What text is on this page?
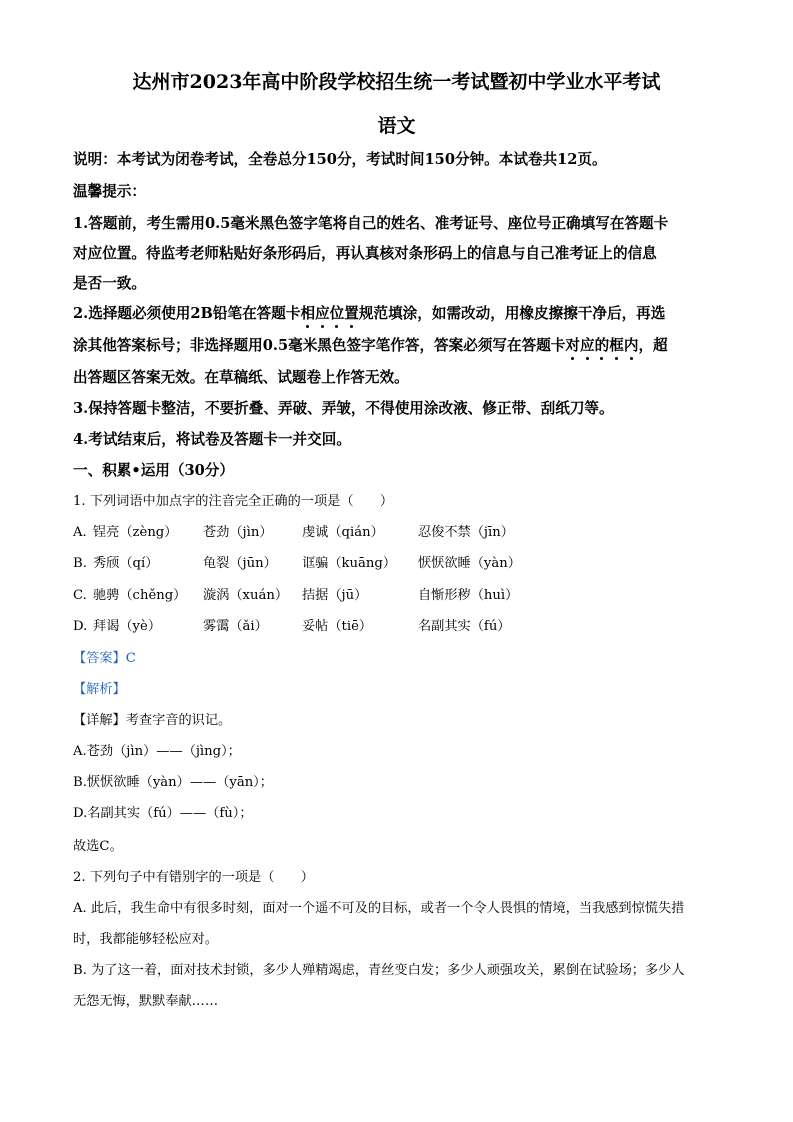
达州市2023年高中阶段学校招生统一考试暨初中学业水平考试
语文
说明：本考试为闭卷考试，全卷总分150分，考试时间150分钟。本试卷共12页。
温馨提示：
1.答题前，考生需用0.5毫米黑色签字笔将自己的姓名、准考证号、座位号正确填写在答题卡
对应位置。待监考老师粘贴好条形码后，再认真核对条形码上的信息与自己准考证上的信息
是否一致。
2.选择题必须使用2B铅笔在答题卡相应位置规范填涂，如需改动，用橡皮擦擦干净后，再选
涂其他答案标号；非选择题用0.5毫米黑色签字笔作答，答案必须写在答题卡对应的框内，超
出答题区答案无效。在草稿纸、试题卷上作答无效。
3.保持答题卡整洁，不要折叠、弄破、弄皱，不得使用涂改液、修正带、刮纸刀等。
4.考试结束后，将试卷及答题卡一并交回。
一、积累•运用（30分）
1. 下列词语中加点字的注音完全正确的一项是（　　）
A. 锃亮（zèng） 苍劲（jìn） 虔诚（qián）	忍俊不禁（jīn）
B. 秀颀（qí）	龟裂（jūn） 诓骗（kuāng） 恹恹欲睡（yàn）
C. 驰骋（chěng） 漩涡（xuán） 拮据（jū）	自惭形秽（huì）
D. 拜谒（yè）	雾霭（ǎi）	妥帖（tiē）	名副其实（fú）
【答案】C
【解析】
【详解】考查字音的识记。
A.苍劲（jìn）——（jìng）；
B.恹恹欲睡（yàn）——（yān）；
D.名副其实（fú）——（fù）；
故选C。
2. 下列句子中有错别字的一项是（　　）
A. 此后，我生命中有很多时刻，面对一个遥不可及的目标，或者一个令人畏惧的情境，当我感到惊慌失措
时，我都能够轻松应对。
B. 为了这一着，面对技术封锁，多少人殚精竭虑，青丝变白发；多少人顽强攻关，累倒在试验场；多少人
无怨无悔，默默奉献……
